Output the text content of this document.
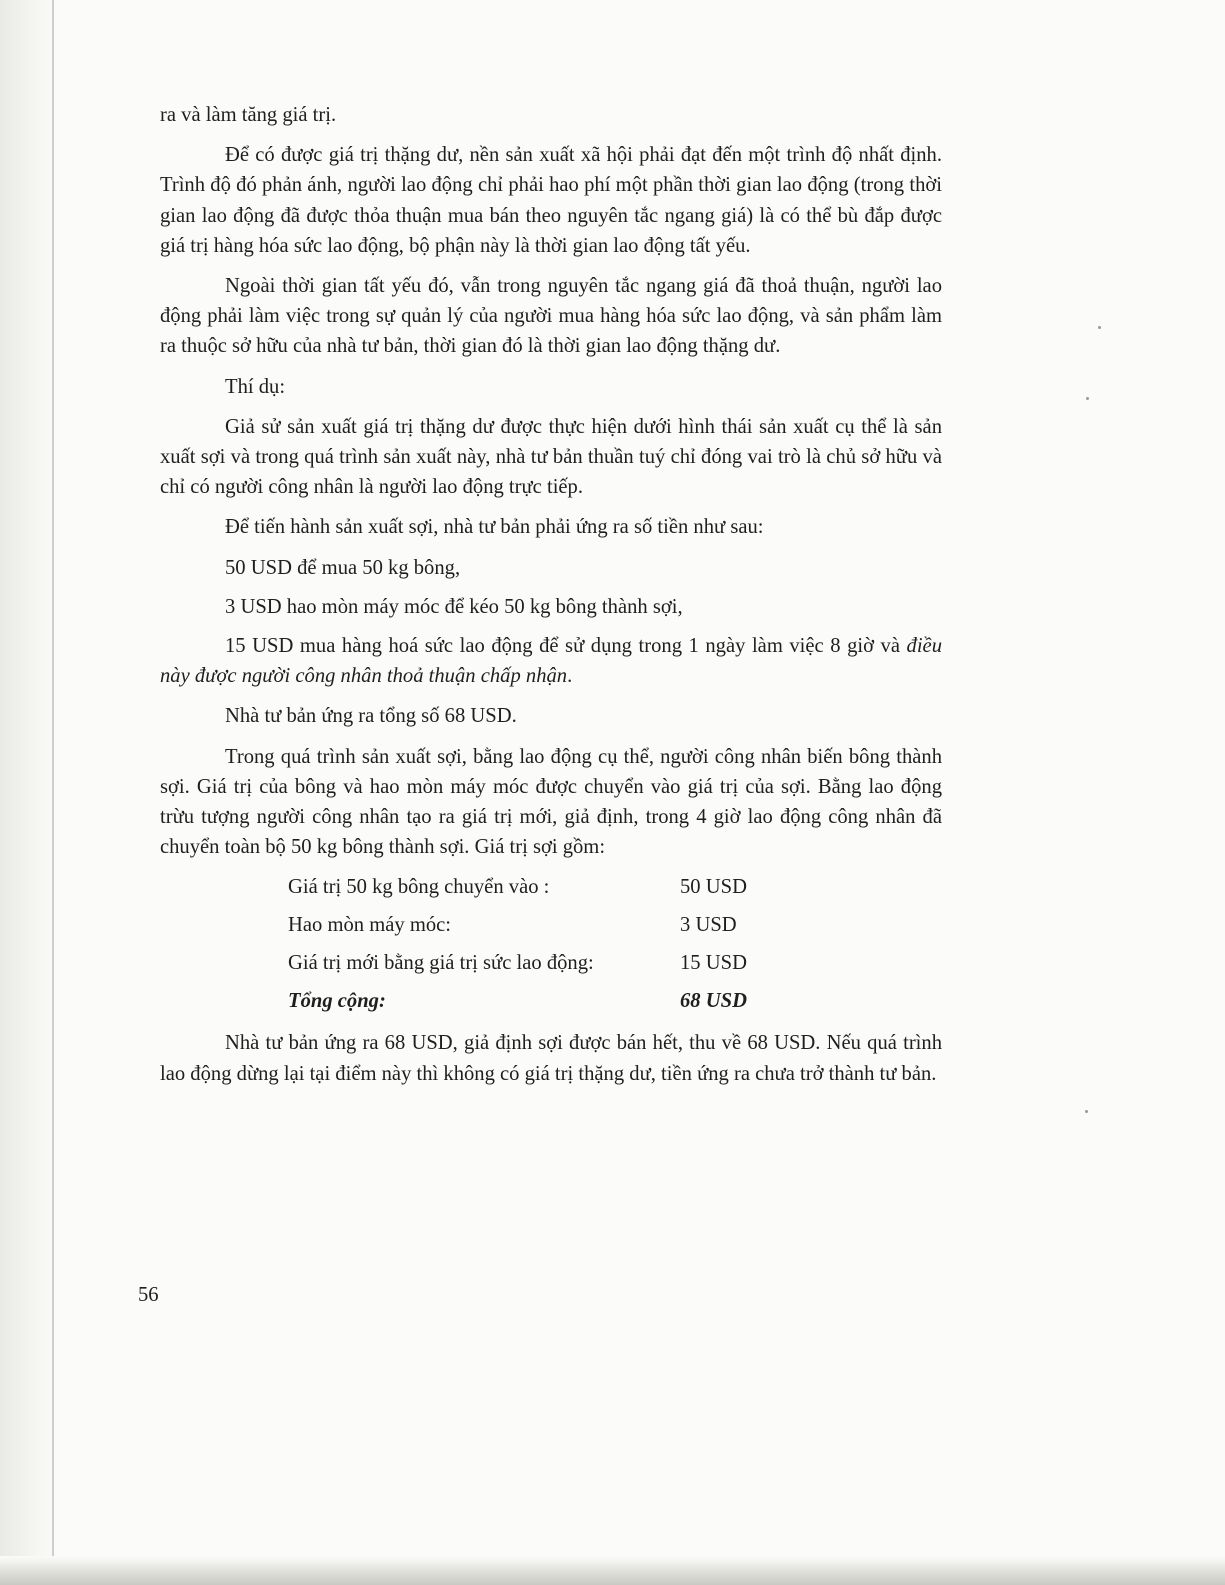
ra và làm tăng giá trị.

Để có được giá trị thặng dư, nền sản xuất xã hội phải đạt đến một trình độ nhất định. Trình độ đó phản ánh, người lao động chỉ phải hao phí một phần thời gian lao động (trong thời gian lao động đã được thỏa thuận mua bán theo nguyên tắc ngang giá) là có thể bù đắp được giá trị hàng hóa sức lao động, bộ phận này là thời gian lao động tất yếu.

Ngoài thời gian tất yếu đó, vẫn trong nguyên tắc ngang giá đã thoả thuận, người lao động phải làm việc trong sự quản lý của người mua hàng hóa sức lao động, và sản phẩm làm ra thuộc sở hữu của nhà tư bản, thời gian đó là thời gian lao động thặng dư.

Thí dụ:

Giả sử sản xuất giá trị thặng dư được thực hiện dưới hình thái sản xuất cụ thể là sản xuất sợi và trong quá trình sản xuất này, nhà tư bản thuần tuý chỉ đóng vai trò là chủ sở hữu và chỉ có người công nhân là người lao động trực tiếp.

Để tiến hành sản xuất sợi, nhà tư bản phải ứng ra số tiền như sau:

50 USD để mua 50 kg bông,

3 USD hao mòn máy móc để kéo 50 kg bông thành sợi,

15 USD mua hàng hoá sức lao động để sử dụng trong 1 ngày làm việc 8 giờ và điều này được người công nhân thoả thuận chấp nhận.

Nhà tư bản ứng ra tổng số 68 USD.

Trong quá trình sản xuất sợi, bằng lao động cụ thể, người công nhân biến bông thành sợi. Giá trị của bông và hao mòn máy móc được chuyển vào giá trị của sợi. Bằng lao động trừu tượng người công nhân tạo ra giá trị mới, giả định, trong 4 giờ lao động công nhân đã chuyển toàn bộ 50 kg bông thành sợi. Giá trị sợi gồm:

Giá trị 50 kg bông chuyển vào :	50 USD
Hao mòn máy móc:	3 USD
Giá trị mới bằng giá trị sức lao động:	15 USD
Tổng cộng:	68 USD

Nhà tư bản ứng ra 68 USD, giả định sợi được bán hết, thu về 68 USD. Nếu quá trình lao động dừng lại tại điểm này thì không có giá trị thặng dư, tiền ứng ra chưa trở thành tư bản.

56
